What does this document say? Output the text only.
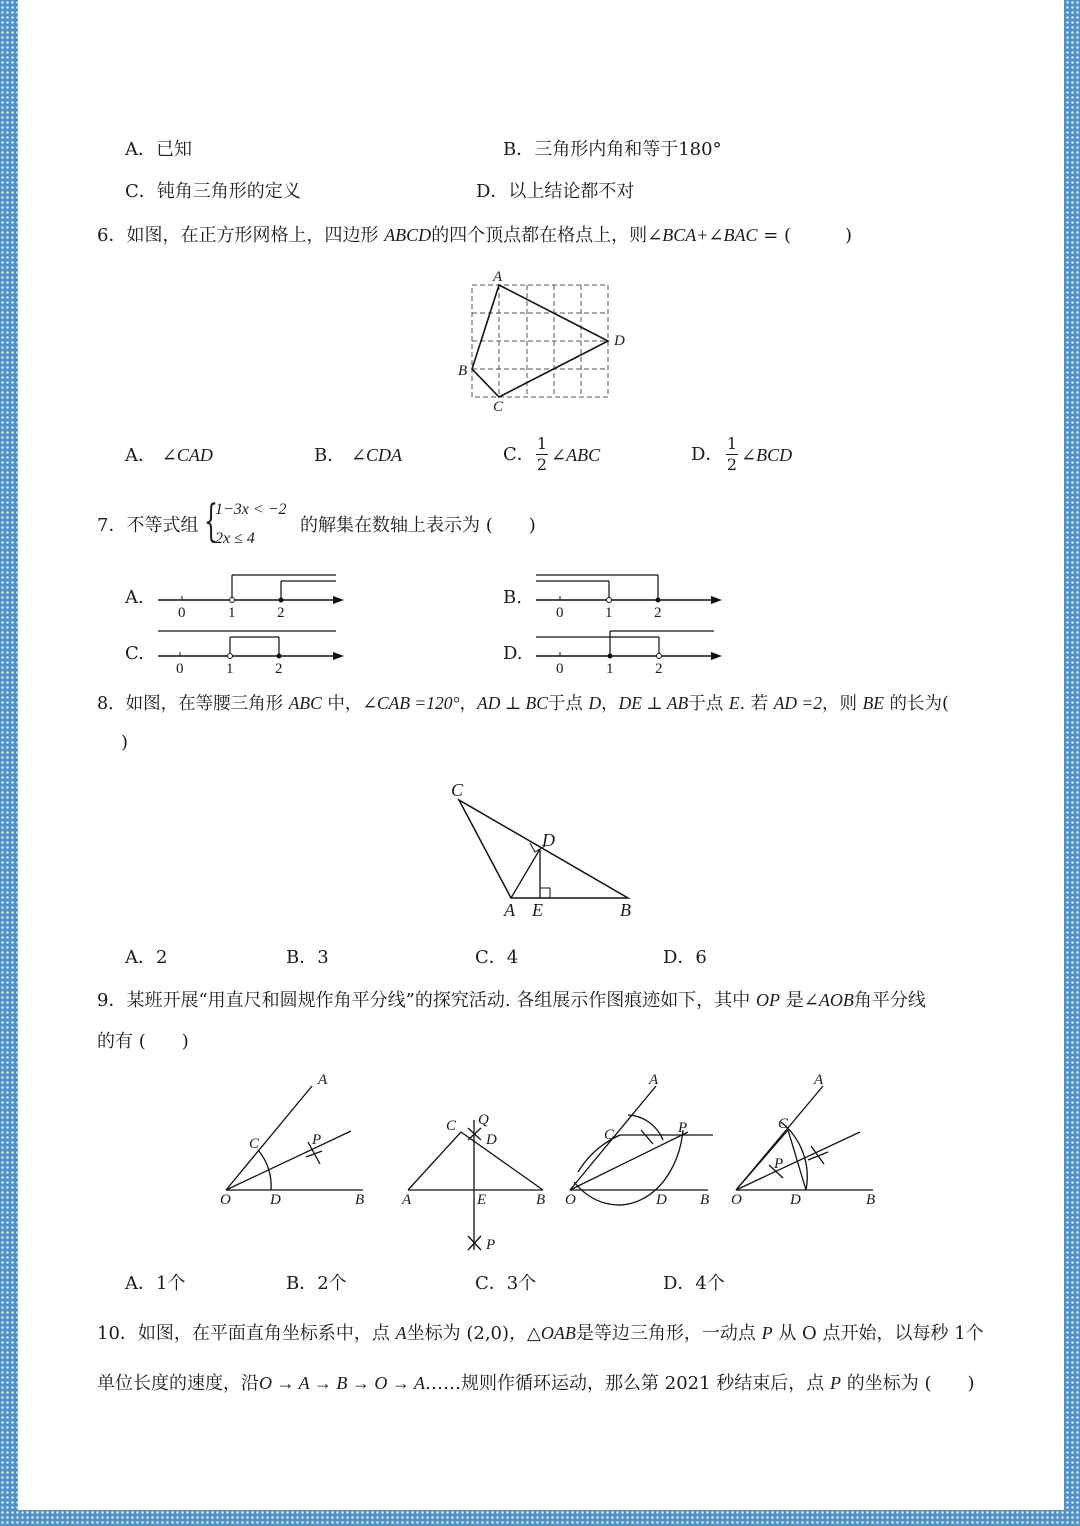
A．已知	B．三角形内角和等于180°
C．钝角三角形的定义	D．以上结论都不对
6．如图，在正方形网格上，四边形 ABCD的四个顶点都在格点上，则∠BCA+∠BAC = (　　　)
A
D
B
C
A． ∠CAD	B． ∠CDA	C．
1
2 ∠ABC	D．
1
2 ∠BCD
7．不等式组 {
1−3x < −2
2x ≤ 4
的解集在数轴上表示为 (　　)
A.
0	1	2
B.
0	1	2
C.
0	1	2
D.
0	1	2
8．如图，在等腰三角形 ABC 中，∠CAB =120°，AD ⊥ BC于点 D，DE ⊥ AB于点 E. 若 AD =2，则 BE 的长为(
)
C
D
A E	B
A．2	B．3	C．4	D．6
9．某班开展“用直尺和圆规作角平分线”的探究活动. 各组展示作图痕迹如下，其中 OP 是∠AOB角平分线
的有 (　　)
O	D	B
A
C	P
A	E	B
C Q
D
P
O	D B
A
C	P
O	D	B
A
C
P
A．1个	B．2个	C．3个	D．4个
10．如图，在平面直角坐标系中，点 A坐标为 (2,0)，△OAB是等边三角形，一动点 P 从 O 点开始，以每秒 1个
单位长度的速度，沿O → A → B → O → A……规则作循环运动，那么第 2021 秒结束后，点 P 的坐标为 (　　)
